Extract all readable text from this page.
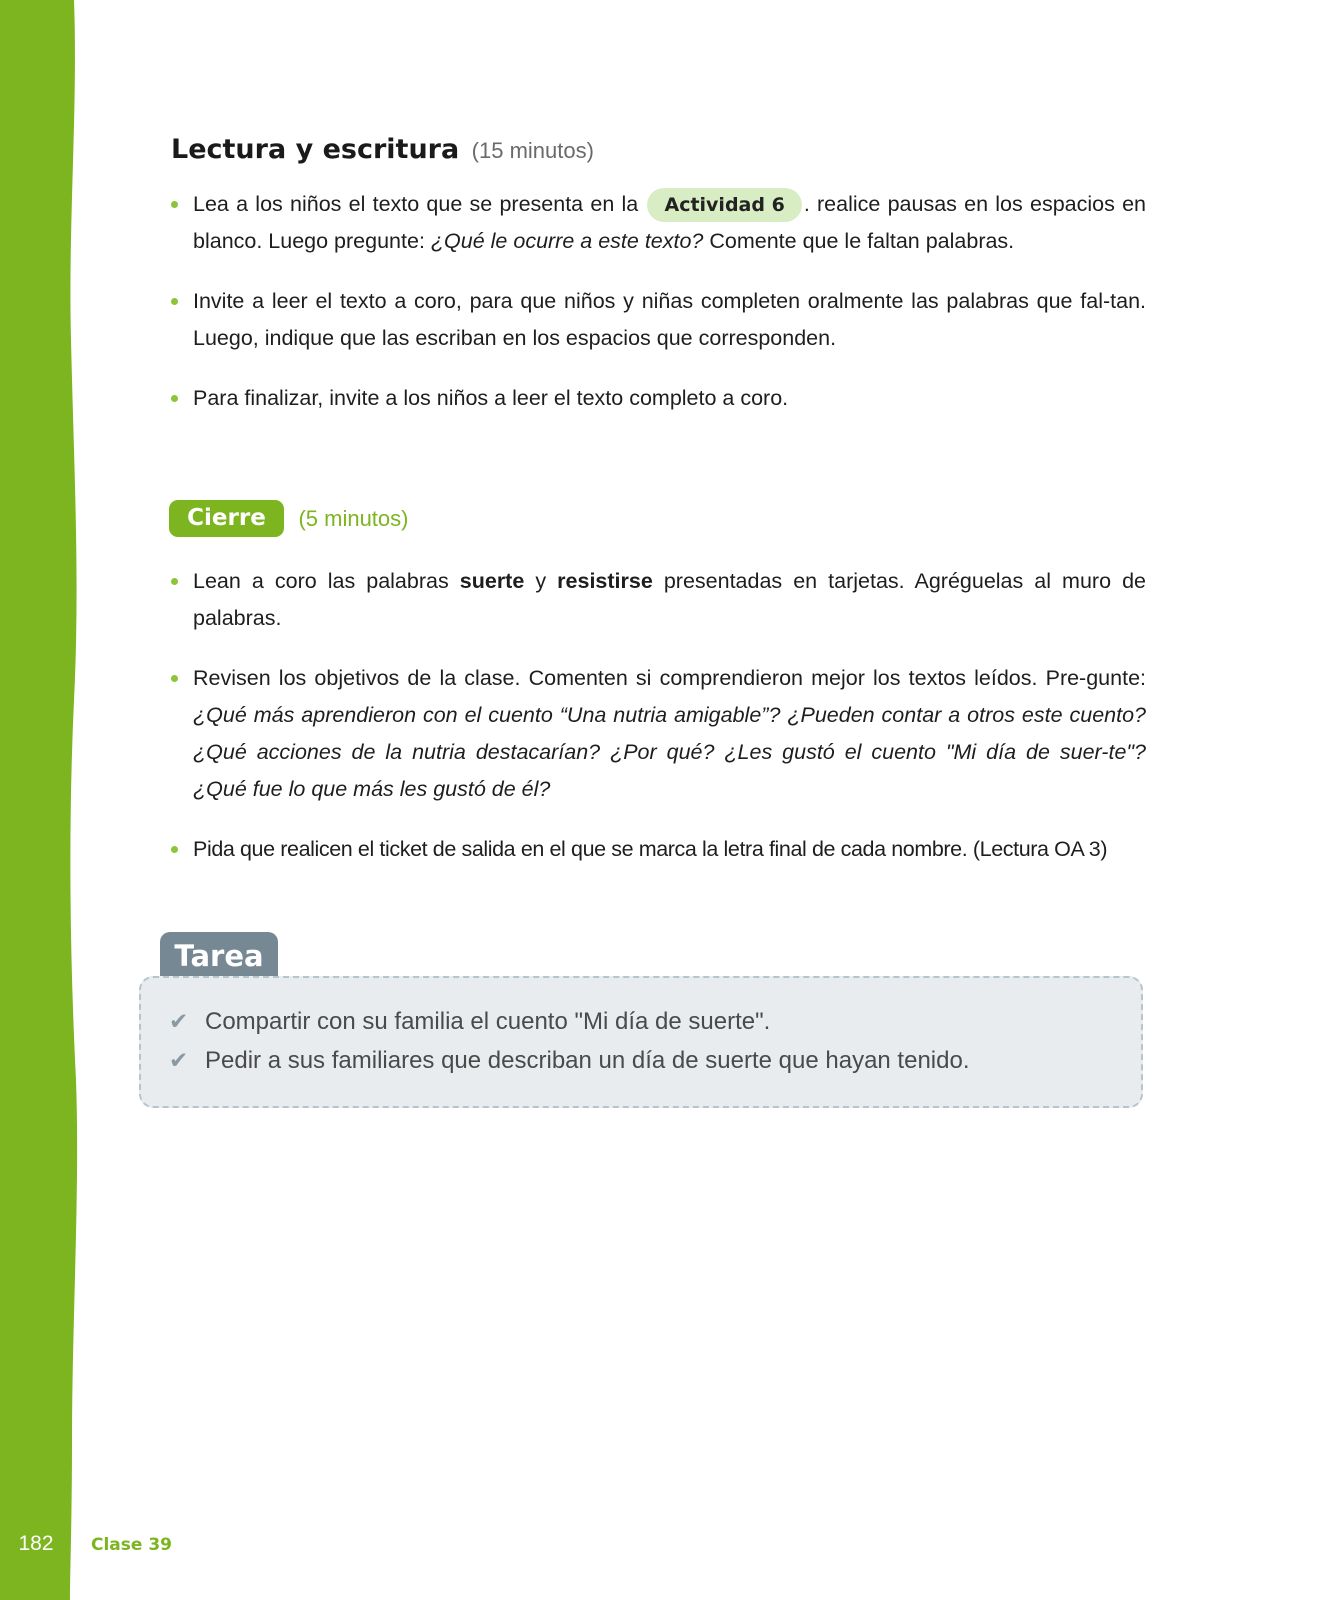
182	Clase 39
Lectura y escritura (15 minutos)
Lea a los niños el texto que se presenta en la Actividad 6 . realice pausas en los espacios en blanco. Luego pregunte: ¿Qué le ocurre a este texto? Comente que le faltan palabras.
Invite a leer el texto a coro, para que niños y niñas completen oralmente las palabras que fal-tan. Luego, indique que las escriban en los espacios que corresponden.
Para finalizar, invite a los niños a leer el texto completo a coro.
Cierre (5 minutos)
Lean a coro las palabras suerte y resistirse presentadas en tarjetas. Agréguelas al muro de palabras.
Revisen los objetivos de la clase. Comenten si comprendieron mejor los textos leídos. Pre-gunte: ¿Qué más aprendieron con el cuento “Una nutria amigable”? ¿Pueden contar a otros este cuento? ¿Qué acciones de la nutria destacarían? ¿Por qué? ¿Les gustó el cuento "Mi día de suer-te"? ¿Qué fue lo que más les gustó de él?
Pida que realicen el ticket de salida en el que se marca la letra final de cada nombre. (Lectura OA 3)
Tarea
✔ Compartir con su familia el cuento "Mi día de suerte".
✔ Pedir a sus familiares que describan un día de suerte que hayan tenido.
